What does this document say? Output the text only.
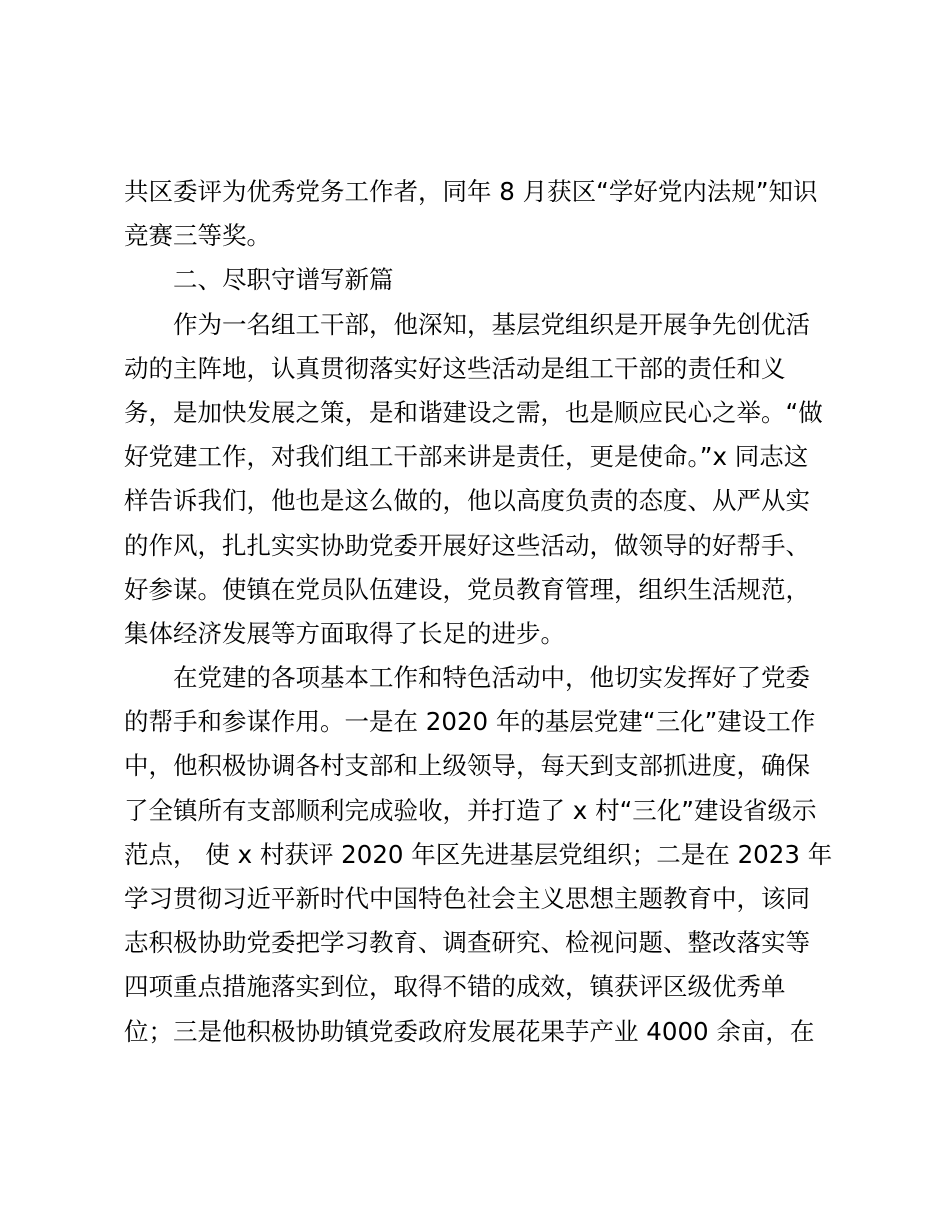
共区委评为优秀党务工作者，同年 8 月获区“学好党内法规”知识
竞赛三等奖。
二、尽职守谱写新篇
作为一名组工干部，他深知，基层党组织是开展争先创优活
动的主阵地，认真贯彻落实好这些活动是组工干部的责任和义
务，是加快发展之策，是和谐建设之需，也是顺应民心之举。“做
好党建工作，对我们组工干部来讲是责任，更是使命。”x 同志这
样告诉我们，他也是这么做的，他以高度负责的态度、从严从实
的作风，扎扎实实协助党委开展好这些活动，做领导的好帮手、
好参谋。使镇在党员队伍建设，党员教育管理，组织生活规范，
集体经济发展等方面取得了长足的进步。
在党建的各项基本工作和特色活动中，他切实发挥好了党委
的帮手和参谋作用。一是在 2020 年的基层党建“三化”建设工作
中，他积极协调各村支部和上级领导，每天到支部抓进度，确保
了全镇所有支部顺利完成验收，并打造了 x 村“三化”建设省级示
范点， 使 x 村获评 2020 年区先进基层党组织；二是在 2023 年
学习贯彻习近平新时代中国特色社会主义思想主题教育中，该同
志积极协助党委把学习教育、调查研究、检视问题、整改落实等
四项重点措施落实到位，取得不错的成效，镇获评区级优秀单
位；三是他积极协助镇党委政府发展花果芋产业 4000 余亩，在
